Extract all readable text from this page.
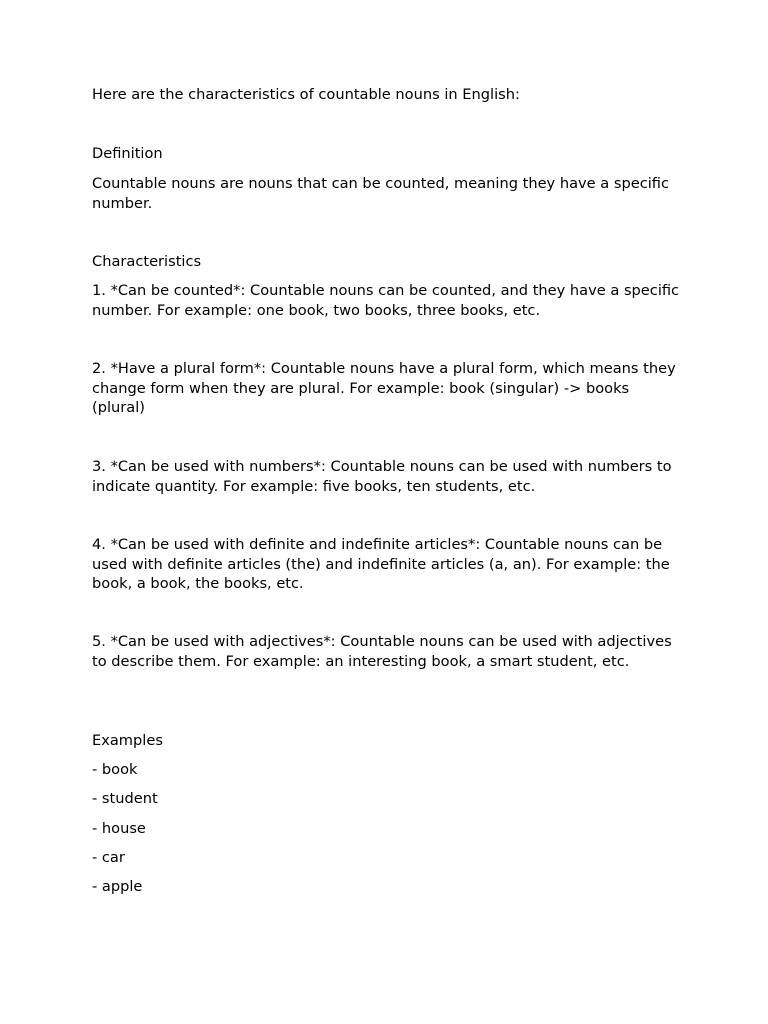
Here are the characteristics of countable nouns in English:

Definition

Countable nouns are nouns that can be counted, meaning they have a specific number.

Characteristics

1. *Can be counted*: Countable nouns can be counted, and they have a specific number. For example: one book, two books, three books, etc.

2. *Have a plural form*: Countable nouns have a plural form, which means they change form when they are plural. For example: book (singular) -> books (plural)

3. *Can be used with numbers*: Countable nouns can be used with numbers to indicate quantity. For example: five books, ten students, etc.

4. *Can be used with definite and indefinite articles*: Countable nouns can be used with definite articles (the) and indefinite articles (a, an). For example: the book, a book, the books, etc.

5. *Can be used with adjectives*: Countable nouns can be used with adjectives to describe them. For example: an interesting book, a smart student, etc.

Examples

- book

- student

- house

- car

- apple
